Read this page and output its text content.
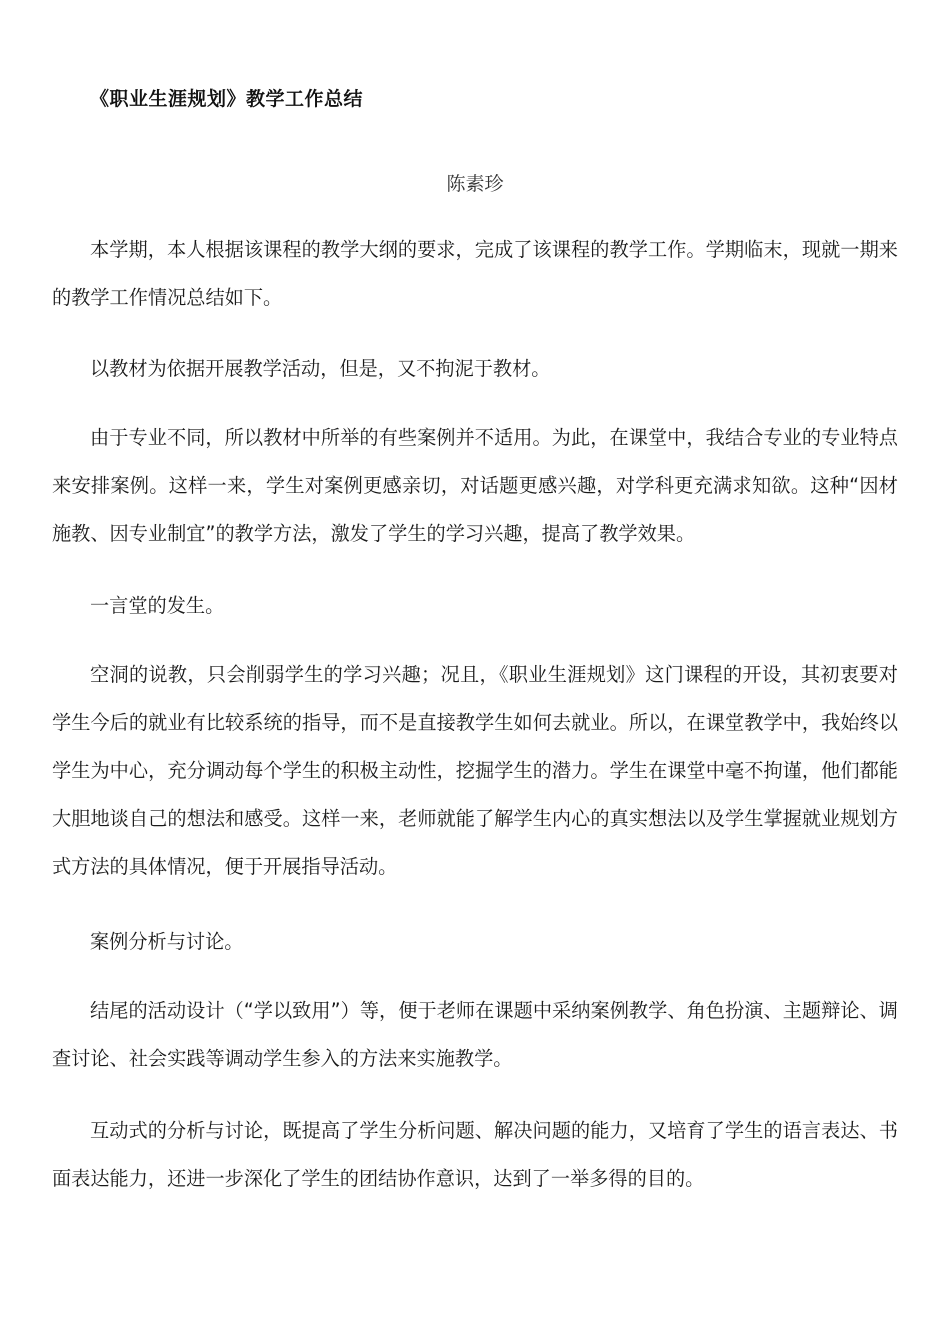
《职业生涯规划》教学工作总结
陈素珍

本学期，本人根据该课程的教学大纲的要求，完成了该课程的教学工作。学期临末，现就一期来的教学工作情况总结如下。

以教材为依据开展教学活动，但是，又不拘泥于教材。

由于专业不同，所以教材中所举的有些案例并不适用。为此，在课堂中，我结合专业的专业特点来安排案例。这样一来，学生对案例更感亲切，对话题更感兴趣，对学科更充满求知欲。这种“因材施教、因专业制宜”的教学方法，激发了学生的学习兴趣，提高了教学效果。

一言堂的发生。

空洞的说教，只会削弱学生的学习兴趣；况且，《职业生涯规划》这门课程的开设，其初衷要对学生今后的就业有比较系统的指导，而不是直接教学生如何去就业。所以，在课堂教学中，我始终以学生为中心，充分调动每个学生的积极主动性，挖掘学生的潜力。学生在课堂中毫不拘谨，他们都能大胆地谈自己的想法和感受。这样一来，老师就能了解学生内心的真实想法以及学生掌握就业规划方式方法的具体情况，便于开展指导活动。

案例分析与讨论。

结尾的活动设计（“学以致用”）等，便于老师在课题中采纳案例教学、角色扮演、主题辩论、调查讨论、社会实践等调动学生参入的方法来实施教学。

互动式的分析与讨论，既提高了学生分析问题、解决问题的能力，又培育了学生的语言表达、书面表达能力，还进一步深化了学生的团结协作意识，达到了一举多得的目的。
